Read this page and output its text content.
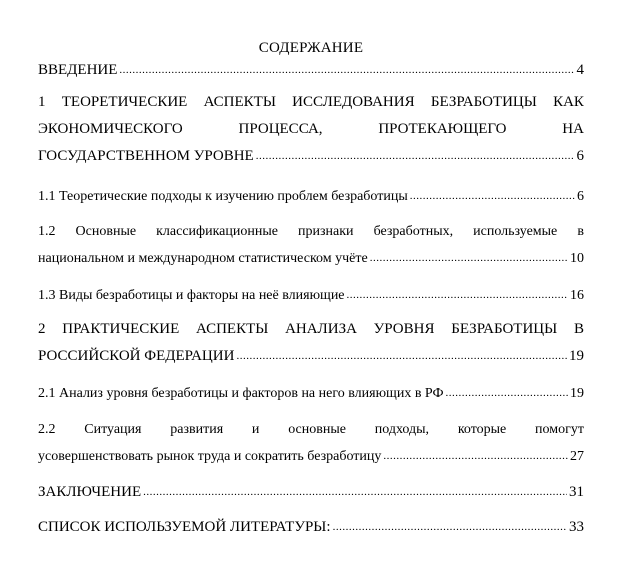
СОДЕРЖАНИЕ
ВВЕДЕНИЕ .....	4
1 ТЕОРЕТИЧЕСКИЕ АСПЕКТЫ ИССЛЕДОВАНИЯ БЕЗРАБОТИЦЫ КАК
ЭКОНОМИЧЕСКОГО	ПРОЦЕССА,	ПРОТЕКАЮЩЕГО	НА
ГОСУДАРСТВЕННОМ УРОВНЕ .....	6
1.1 Теоретические подходы к изучению проблем безработицы .....	6
1.2 Основные классификационные признаки безработных, используемые в
национальном и международном статистическом учёте .....	10
1.3 Виды безработицы и факторы на неё влияющие .....	16
2 ПРАКТИЧЕСКИЕ АСПЕКТЫ АНАЛИЗА УРОВНЯ БЕЗРАБОТИЦЫ В
РОССИЙСКОЙ ФЕДЕРАЦИИ .....	19
2.1 Анализ уровня безработицы и факторов на него влияющих в РФ .....	19
2.2 Ситуация развития и основные подходы, которые помогут
усовершенствовать рынок труда и сократить безработицу .....	27
ЗАКЛЮЧЕНИЕ .....	31
СПИСОК ИСПОЛЬЗУЕМОЙ ЛИТЕРАТУРЫ: .....	33
